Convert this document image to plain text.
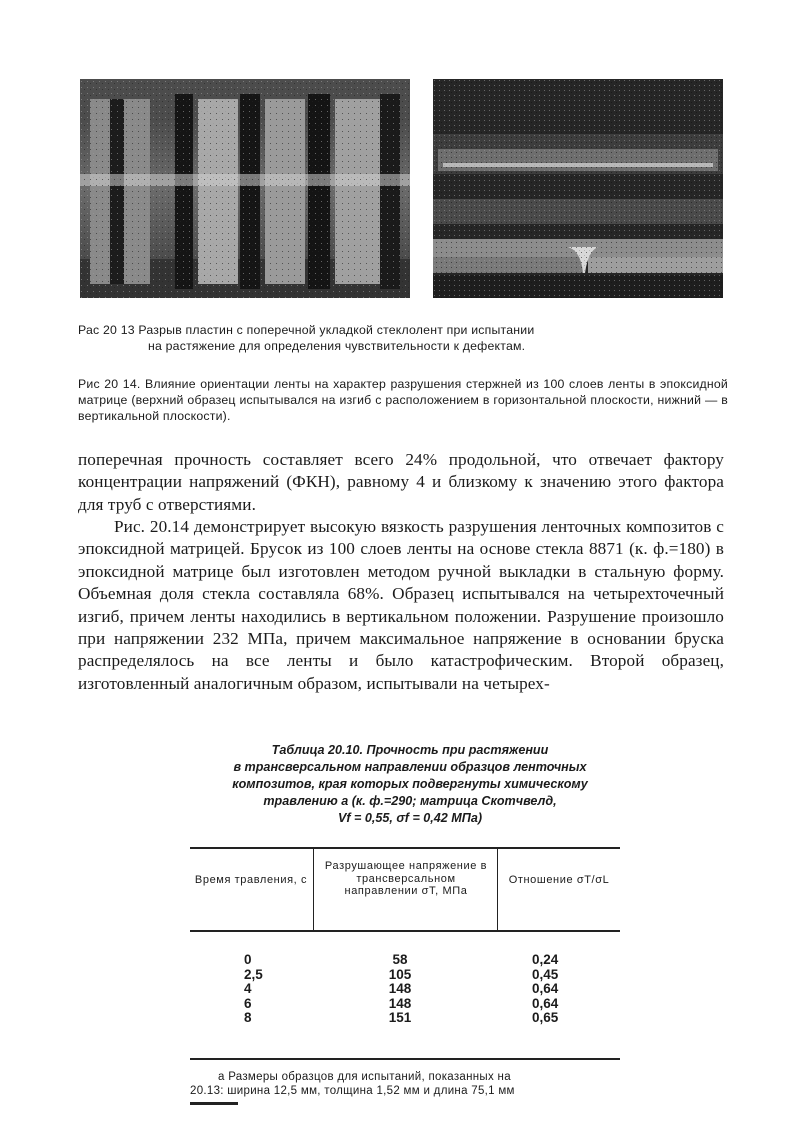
Рас 20 13 Разрыв пластин с поперечной укладкой стеклолент при испытании
на растяжение для определения чувствительности к дефектам.
Рис 20 14. Влияние ориентации ленты на характер разрушения стержней из 100 слоев ленты в эпоксидной матрице (верхний образец испытывался на изгиб с расположением в горизонтальной плоскости, нижний — в вертикальной плоскости).
поперечная прочность составляет всего 24% продольной, что отвечает фактору концентрации напряжений (ФКН), равному 4 и близкому к значению этого фактора для труб с отверстиями.
Рис. 20.14 демонстрирует высокую вязкость разрушения ленточных композитов с эпоксидной матрицей. Брусок из 100 слоев ленты на основе стекла 8871 (к. ф.=180) в эпоксидной матрице был изготовлен методом ручной выкладки в стальную форму. Объемная доля стекла составляла 68%. Образец испытывался на четырехточечный изгиб, причем ленты находились в вертикальном положении. Разрушение произошло при напряжении 232 МПа, причем максимальное напряжение в основании бруска распределялось на все ленты и было катастрофическим. Второй образец, изготовленный аналогичным образом, испытывали на четырех-
Таблица 20.10. Прочность при растяжении
в трансверсальном направлении образцов ленточных
композитов, края которых подвергнуты химическому
травлению a (к. ф.=290; матрица Скотчвелд,
Vf = 0,55, σf = 0,42 МПа)
Время травления, с
Разрушающее напряжение в трансверсальном направлении σT, МПа
Отношение σT/σL
0
2,5
4
6
8
58
105
148
148
151
0,24
0,45
0,64
0,64
0,65
a Размеры образцов для испытаний, показанных на
20.13: ширина 12,5 мм, толщина 1,52 мм и длина 75,1 мм
